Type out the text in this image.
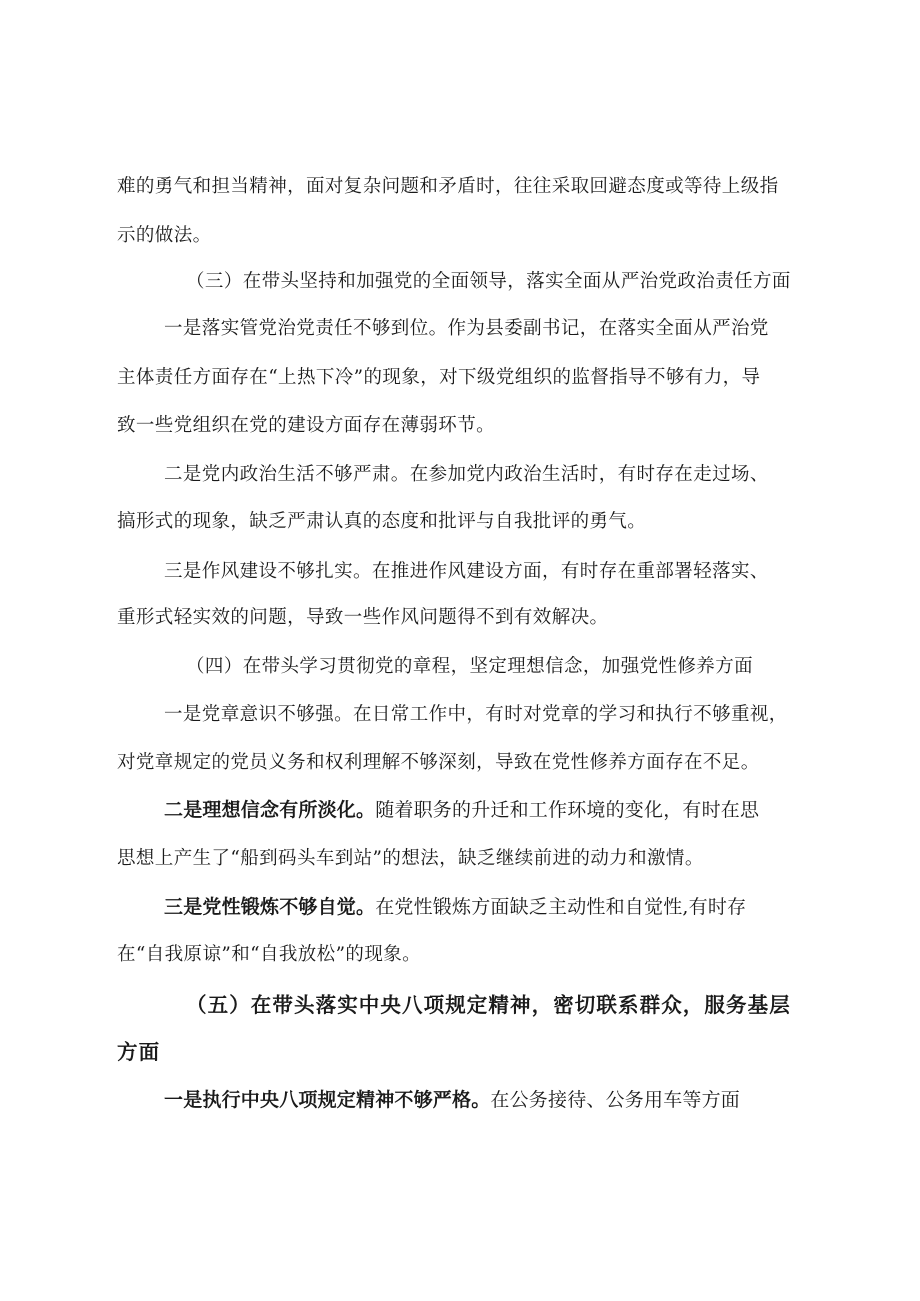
难的勇气和担当精神，面对复杂问题和矛盾时，往往采取回避态度或等待上级指
示的做法。
（三）在带头坚持和加强党的全面领导，落实全面从严治党政治责任方面
一是落实管党治党责任不够到位。作为县委副书记，在落实全面从严治党
主体责任方面存在“上热下冷”的现象，对下级党组织的监督指导不够有力，导
致一些党组织在党的建设方面存在薄弱环节。
二是党内政治生活不够严肃。在参加党内政治生活时，有时存在走过场、
搞形式的现象，缺乏严肃认真的态度和批评与自我批评的勇气。
三是作风建设不够扎实。在推进作风建设方面，有时存在重部署轻落实、
重形式轻实效的问题，导致一些作风问题得不到有效解决。
（四）在带头学习贯彻党的章程，坚定理想信念，加强党性修养方面
一是党章意识不够强。在日常工作中，有时对党章的学习和执行不够重视，
对党章规定的党员义务和权利理解不够深刻，导致在党性修养方面存在不足。
二是理想信念有所淡化。随着职务的升迁和工作环境的变化，有时在思
思想上产生了“船到码头车到站”的想法，缺乏继续前进的动力和激情。
三是党性锻炼不够自觉。在党性锻炼方面缺乏主动性和自觉性,有时存
在“自我原谅”和“自我放松”的现象。
（五）在带头落实中央八项规定精神，密切联系群众，服务基层
方面
一是执行中央八项规定精神不够严格。在公务接待、公务用车等方面
